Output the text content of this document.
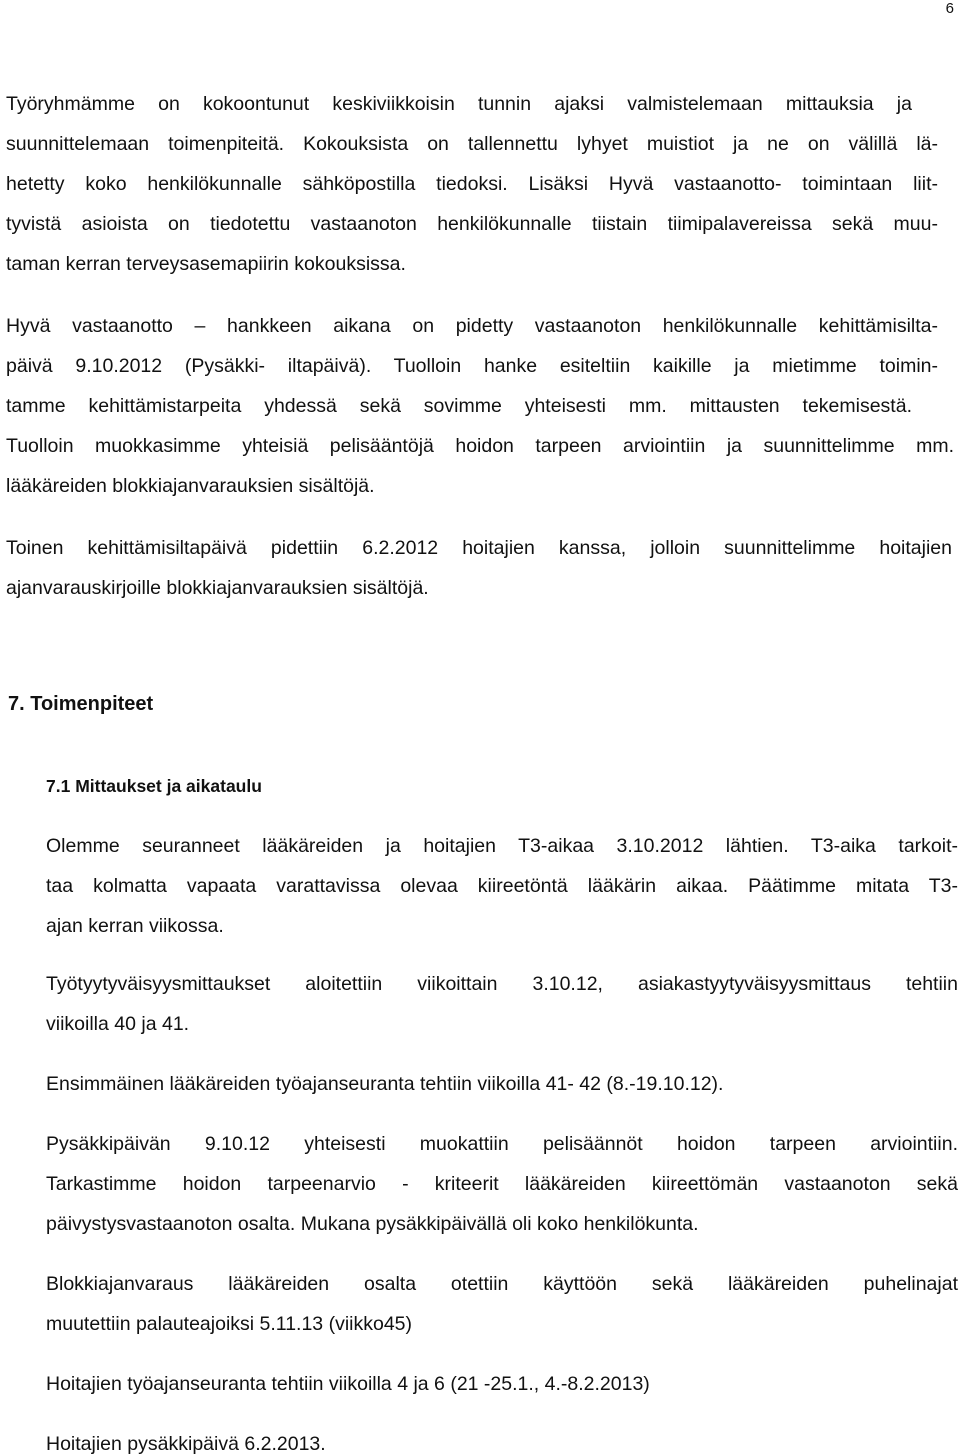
6
Työryhmämme on kokoontunut keskiviikkoisin tunnin ajaksi valmistelemaan mittauksia ja
suunnittelemaan toimenpiteitä. Kokouksista on tallennettu lyhyet muistiot ja ne on välillä lä-
hetetty koko henkilökunnalle sähköpostilla tiedoksi. Lisäksi Hyvä vastaanotto- toimintaan liit-
tyvistä asioista on tiedotettu vastaanoton henkilökunnalle tiistain tiimipalavereissa sekä muu-
taman kerran terveysasemapiirin kokouksissa.
Hyvä vastaanotto – hankkeen aikana on pidetty vastaanoton henkilökunnalle kehittämisilta-
päivä 9.10.2012 (Pysäkki- iltapäivä). Tuolloin hanke esiteltiin kaikille ja mietimme toimin-
tamme kehittämistarpeita yhdessä sekä sovimme yhteisesti mm. mittausten tekemisestä.
Tuolloin muokkasimme yhteisiä pelisääntöjä hoidon tarpeen arviointiin ja suunnittelimme mm.
lääkäreiden blokkiajanvarauksien sisältöjä.
Toinen kehittämisiltapäivä pidettiin 6.2.2012 hoitajien kanssa, jolloin suunnittelimme hoitajien
ajanvarauskirjoille blokkiajanvarauksien sisältöjä.
7. Toimenpiteet
7.1 Mittaukset ja aikataulu
Olemme seuranneet lääkäreiden ja hoitajien T3-aikaa 3.10.2012 lähtien. T3-aika tarkoit-
taa kolmatta vapaata varattavissa olevaa kiireetöntä lääkärin aikaa. Päätimme mitata T3-
ajan kerran viikossa.
Työtyytyväisyysmittaukset aloitettiin viikoittain 3.10.12, asiakastyytyväisyysmittaus tehtiin
viikoilla 40 ja 41.
Ensimmäinen lääkäreiden työajanseuranta tehtiin viikoilla 41- 42 (8.-19.10.12).
Pysäkkipäivän 9.10.12 yhteisesti muokattiin pelisäännöt hoidon tarpeen arviointiin.
Tarkastimme hoidon tarpeenarvio - kriteerit lääkäreiden kiireettömän vastaanoton sekä
päivystysvastaanoton osalta. Mukana pysäkkipäivällä oli koko henkilökunta.
Blokkiajanvaraus lääkäreiden osalta otettiin käyttöön sekä lääkäreiden puhelinajat
muutettiin palauteajoiksi 5.11.13 (viikko45)
Hoitajien työajanseuranta tehtiin viikoilla 4 ja 6 (21 -25.1., 4.-8.2.2013)
Hoitajien pysäkkipäivä 6.2.2013.
